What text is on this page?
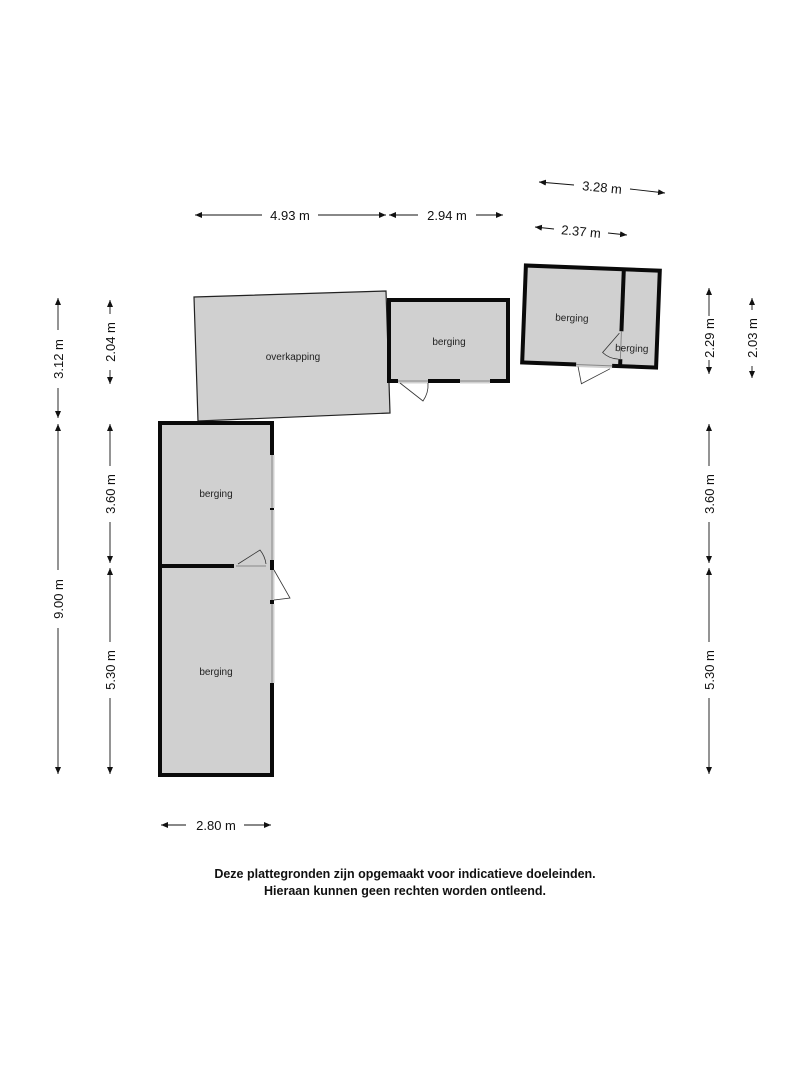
overkapping
berging
berging
berging
berging
berging
4.93 m	2.94 m
3.28 m
2.37 m
3.12 m
9.00 m
2.04 m
3.60 m
5.30 m
2.29 m 2.03 m
3.60 m
5.30 m
2.80 m
Deze plattegronden zijn opgemaakt voor indicatieve doeleinden.
Hieraan kunnen geen rechten worden ontleend.
